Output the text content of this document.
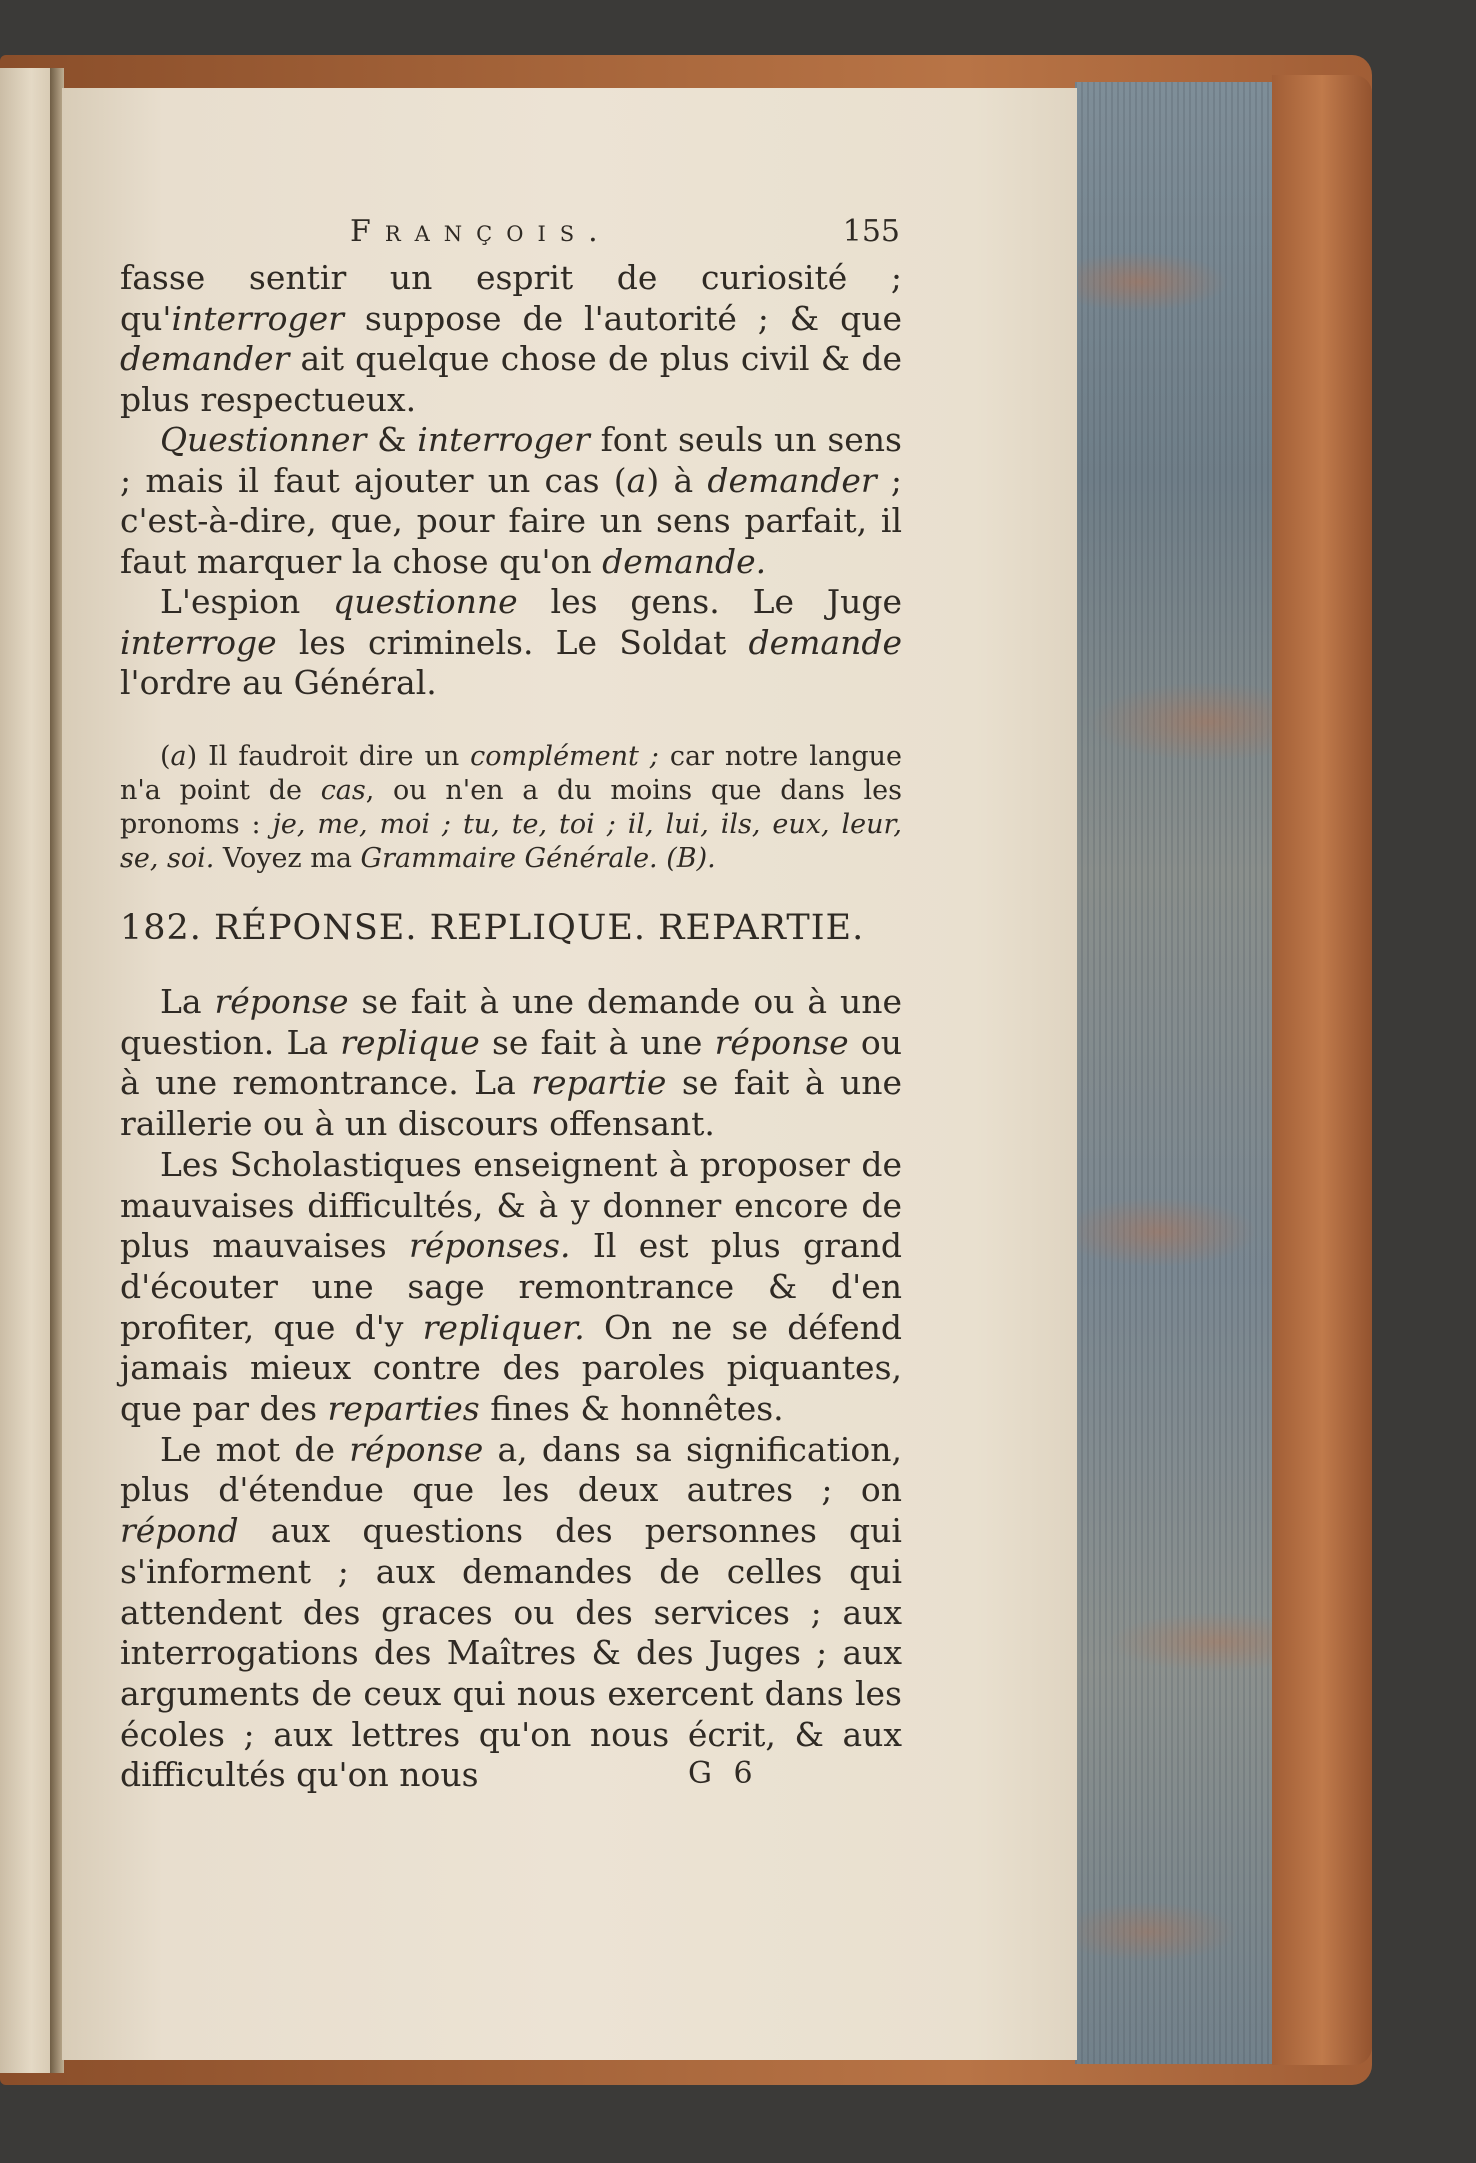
François.	155

fasse sentir un esprit de curiosité ; qu'interroger suppose de l'autorité ; & que demander ait quelque chose de plus civil & de plus respectueux.

Questionner & interroger font seuls un sens ; mais il faut ajouter un cas (a) à demander ; c'est-à-dire, que, pour faire un sens parfait, il faut marquer la chose qu'on demande.

L'espion questionne les gens. Le Juge interroge les criminels. Le Soldat demande l'ordre au Général.

(a) Il faudroit dire un complément ; car notre langue n'a point de cas, ou n'en a du moins que dans les pronoms : je, me, moi ; tu, te, toi ; il, lui, ils, eux, leur, se, soi. Voyez ma Grammaire Générale. (B).
182. RÉPONSE. REPLIQUE. REPARTIE.

La réponse se fait à une demande ou à une question. La replique se fait à une réponse ou à une remontrance. La repartie se fait à une raillerie ou à un discours offensant.

Les Scholastiques enseignent à proposer de mauvaises difficultés, & à y donner encore de plus mauvaises réponses. Il est plus grand d'écouter une sage remontrance & d'en profiter, que d'y repliquer. On ne se défend jamais mieux contre des paroles piquantes, que par des reparties fines & honnêtes.

Le mot de réponse a, dans sa signification, plus d'étendue que les deux autres ; on répond aux questions des personnes qui s'informent ; aux demandes de celles qui attendent des graces ou des services ; aux interrogations des Maîtres & des Juges ; aux arguments de ceux qui nous exercent dans les écoles ; aux lettres qu'on nous écrit, & aux difficultés qu'on nous	G 6
